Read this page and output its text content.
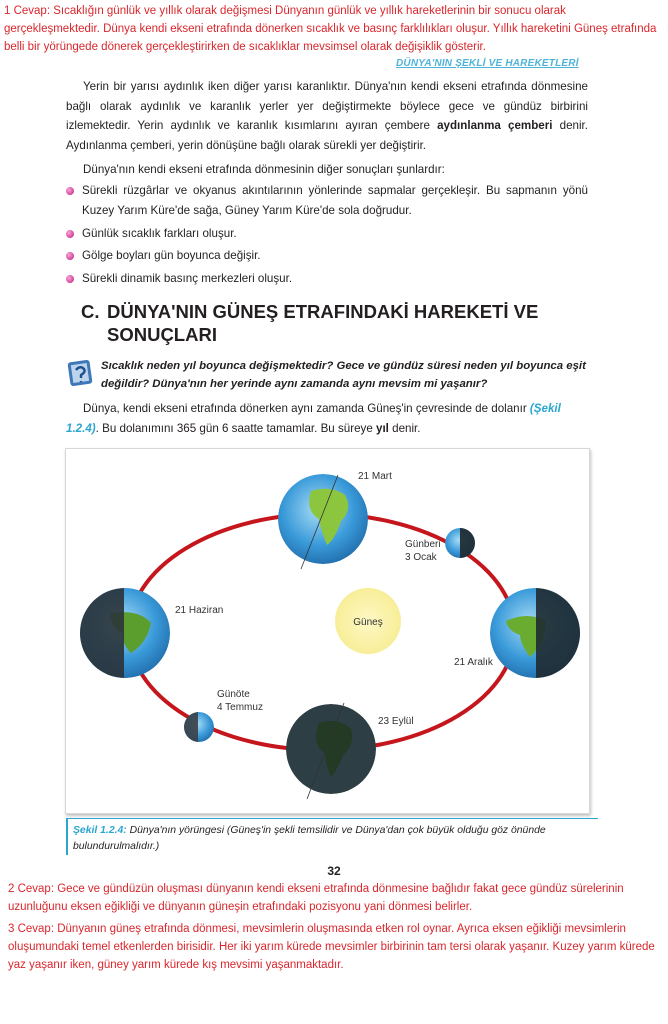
1 Cevap: Sıcaklığın günlük ve yıllık olarak değişmesi Dünyanın günlük ve yıllık hareketlerinin bir sonucu olarak gerçekleşmektedir. Dünya kendi ekseni etrafında dönerken sıcaklık ve basınç farklılıkları oluşur. Yıllık hareketini Güneş etrafında belli bir yörüngede dönerek gerçekleştirirken de sıcaklıklar mevsimsel olarak değişiklik gösterir.
DÜNYA'NIN ŞEKLİ VE HAREKETLERİ
Yerin bir yarısı aydınlık iken diğer yarısı karanlıktır. Dünya'nın kendi ekseni etrafında dönmesine bağlı olarak aydınlık ve karanlık yerler yer değiştirmekte böylece gece ve gündüz birbirini izlemektedir. Yerin aydınlık ve karanlık kısımlarını ayıran çembere aydınlanma çemberi denir. Aydınlanma çemberi, yerin dönüşüne bağlı olarak sürekli yer değiştirir.
Dünya'nın kendi ekseni etrafında dönmesinin diğer sonuçları şunlardır:
Sürekli rüzgârlar ve okyanus akıntılarının yönlerinde sapmalar gerçekleşir. Bu sapmanın yönü Kuzey Yarım Küre'de sağa, Güney Yarım Küre'de sola doğrudur.
Günlük sıcaklık farkları oluşur.
Gölge boyları gün boyunca değişir.
Sürekli dinamik basınç merkezleri oluşur.
C. DÜNYA'NIN GÜNEŞ ETRAFINDAKİ HAREKETİ VE SONUÇLARI
Sıcaklık neden yıl boyunca değişmektedir? Gece ve gündüz süresi neden yıl boyunca eşit değildir? Dünya'nın her yerinde aynı zamanda aynı mevsim mi yaşanır?
Dünya, kendi ekseni etrafında dönerken aynı zamanda Güneş'in çevresinde de dolanır (Şekil 1.2.4). Bu dolanımını 365 gün 6 saatte tamamlar. Bu süreye yıl denir.
21 Mart
Günberi
3 Ocak
21 Haziran
Güneş
21 Aralık
Günöte
4 Temmuz
23 Eylül
Şekil 1.2.4: Dünya'nın yörüngesi (Güneş'in şekli temsilidir ve Dünya'dan çok büyük olduğu göz önünde bulundurulmalıdır.)
32
2 Cevap: Gece ve gündüzün oluşması dünyanın kendi ekseni etrafında dönmesine bağlıdır fakat gece gündüz sürelerinin uzunluğunu eksen eğikliği ve dünyanın güneşin etrafındaki pozisyonu yani dönmesi belirler.
3 Cevap: Dünyanın güneş etrafında dönmesi, mevsimlerin oluşmasında etken rol oynar. Ayrıca eksen eğikliği mevsimlerin oluşumundaki temel etkenlerden birisidir. Her iki yarım kürede mevsimler birbirinin tam tersi olarak yaşanır. Kuzey yarım kürede yaz yaşanır iken, güney yarım kürede kış mevsimi yaşanmaktadır.
